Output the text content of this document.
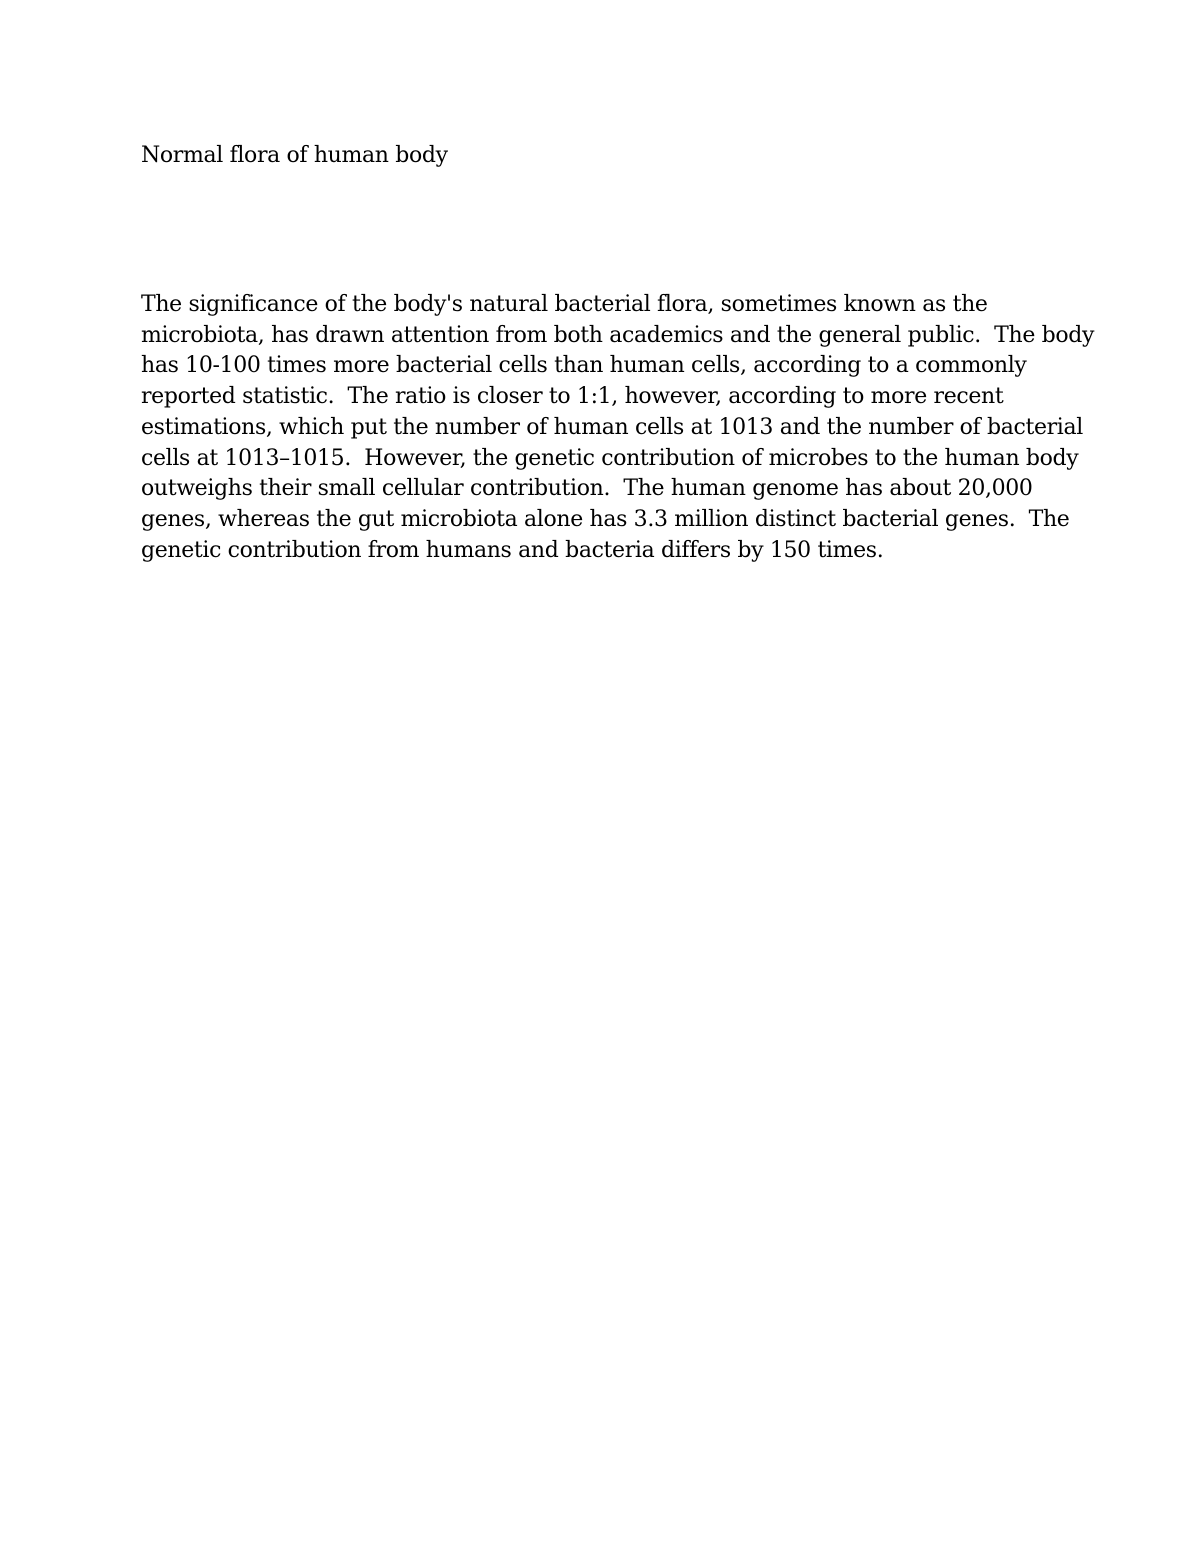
Normal flora of human body
The significance of the body's natural bacterial flora, sometimes known as the
microbiota, has drawn attention from both academics and the general public.  The body
has 10-100 times more bacterial cells than human cells, according to a commonly
reported statistic.  The ratio is closer to 1:1, however, according to more recent
estimations, which put the number of human cells at 1013 and the number of bacterial
cells at 1013–1015.  However, the genetic contribution of microbes to the human body
outweighs their small cellular contribution.  The human genome has about 20,000
genes, whereas the gut microbiota alone has 3.3 million distinct bacterial genes.  The
genetic contribution from humans and bacteria differs by 150 times.
